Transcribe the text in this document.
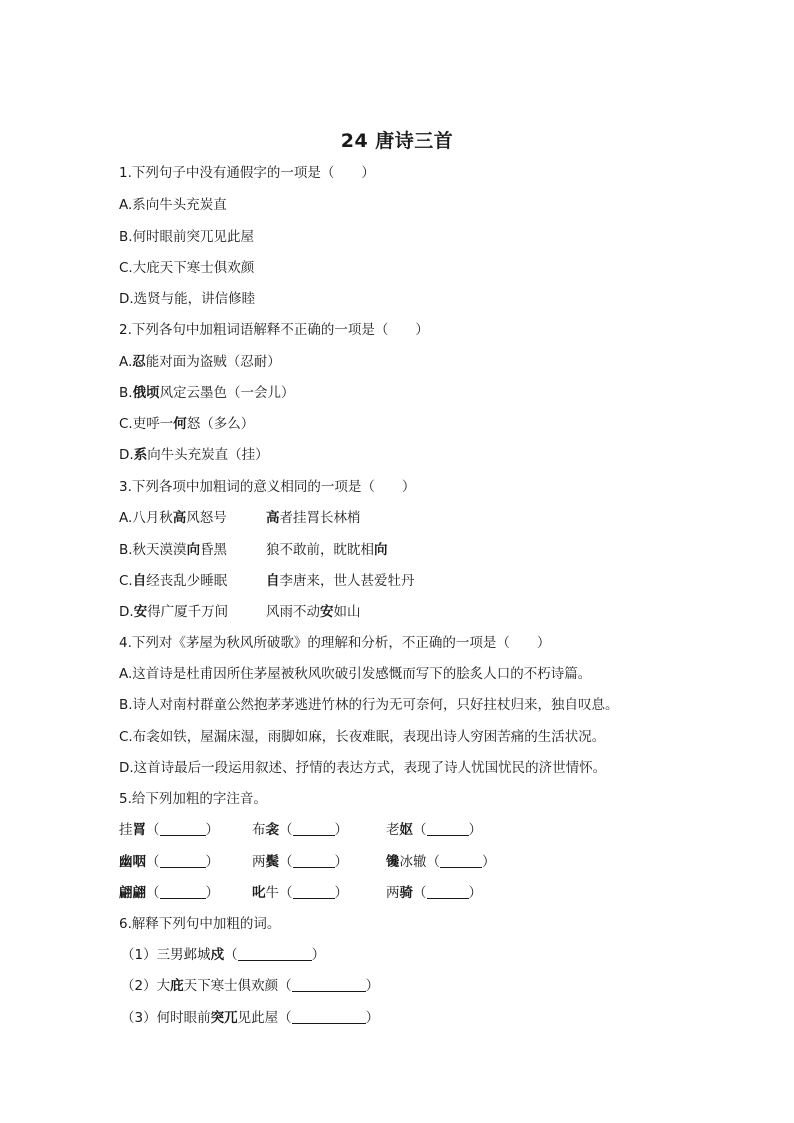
24 唐诗三首
1.下列句子中没有通假字的一项是（　　）
A.系向牛头充炭直
B.何时眼前突兀见此屋
C.大庇天下寒士俱欢颜
D.选贤与能，讲信修睦
2.下列各句中加粗词语解释不正确的一项是（　　）
A.忍能对面为盗贼（忍耐）
B.俄顷风定云墨色（一会儿）
C.吏呼一何怒（多么）
D.系向牛头充炭直（挂）
3.下列各项中加粗词的意义相同的一项是（　　）
A.八月秋高风怒号	高者挂罥长林梢
B.秋天漠漠向昏黑	狼不敢前，眈眈相向
C.自经丧乱少睡眠	自李唐来，世人甚爱牡丹
D.安得广厦千万间	风雨不动安如山
4.下列对《茅屋为秋风所破歌》的理解和分析，不正确的一项是（　　）
A.这首诗是杜甫因所住茅屋被秋风吹破引发感慨而写下的脍炙人口的不朽诗篇。
B.诗人对南村群童公然抱茅茅逃进竹林的行为无可奈何，只好拄杖归来，独自叹息。
C.布衾如铁，屋漏床湿，雨脚如麻，长夜难眠，表现出诗人穷困苦痛的生活状况。
D.这首诗最后一段运用叙述、抒情的表达方式，表现了诗人忧国忧民的济世情怀。
5.给下列加粗的字注音。
挂罥（	） 布衾（	）	老妪（	）
幽咽（	） 两鬓（	）	镵冰辙（	）
翩翩（	） 叱牛（	）	两骑（	）
6.解释下列句中加粗的词。
（1）三男邺城戍（	）
（2）大庇天下寒士俱欢颜（	）
（3）何时眼前突兀见此屋（	）
